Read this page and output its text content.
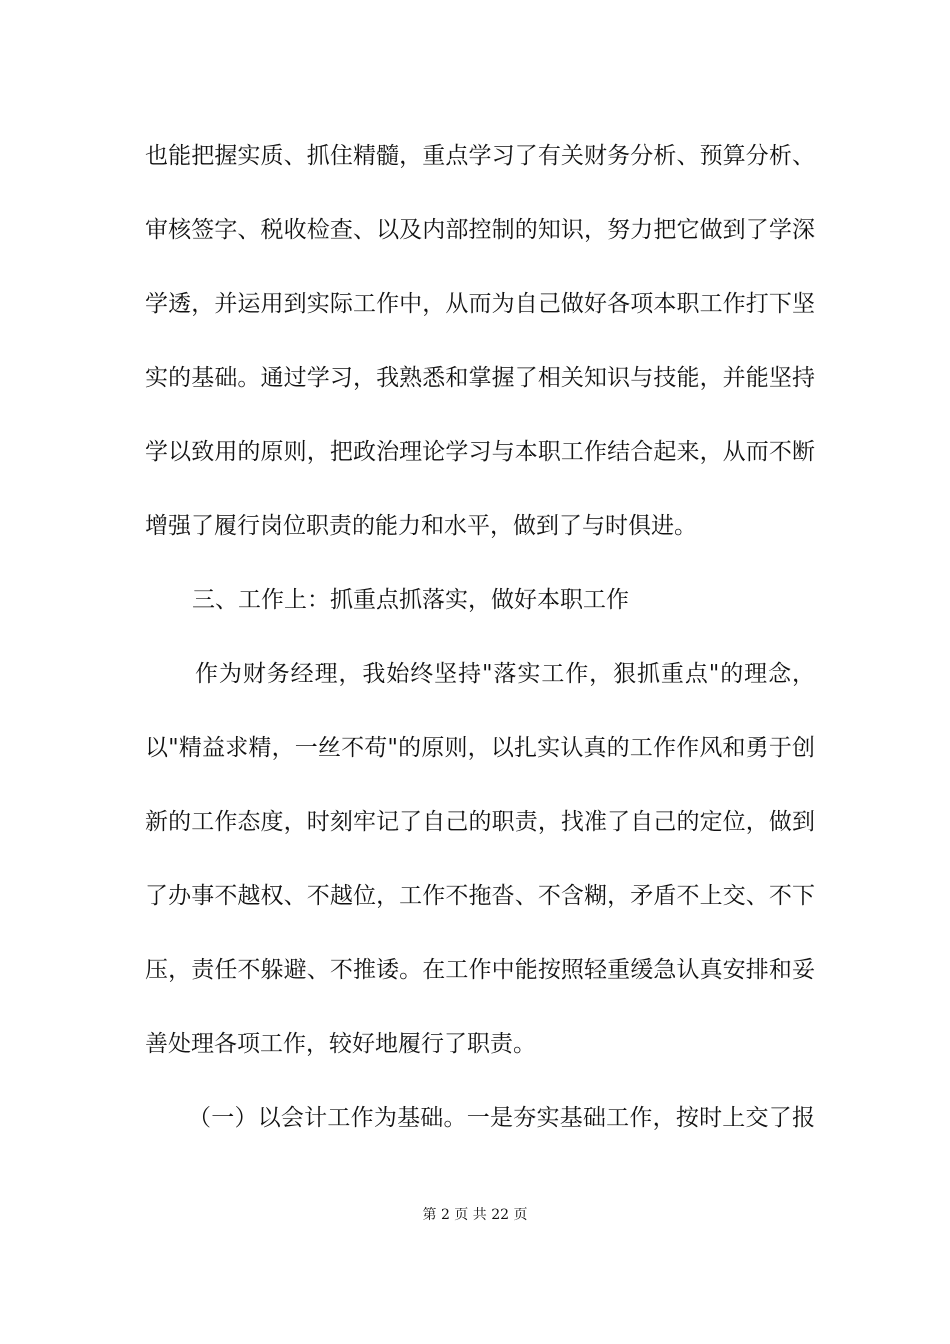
也能把握实质、抓住精髓，重点学习了有关财务分析、预算分析、
审核签字、税收检查、以及内部控制的知识，努力把它做到了学深
学透，并运用到实际工作中，从而为自己做好各项本职工作打下坚
实的基础。通过学习，我熟悉和掌握了相关知识与技能，并能坚持
学以致用的原则，把政治理论学习与本职工作结合起来，从而不断
增强了履行岗位职责的能力和水平，做到了与时俱进。
三、工作上：抓重点抓落实，做好本职工作
作为财务经理，我始终坚持"落实工作，狠抓重点"的理念，
以"精益求精，一丝不苟"的原则，以扎实认真的工作作风和勇于创
新的工作态度，时刻牢记了自己的职责，找准了自己的定位，做到
了办事不越权、不越位，工作不拖沓、不含糊，矛盾不上交、不下
压，责任不躲避、不推诿。在工作中能按照轻重缓急认真安排和妥
善处理各项工作，较好地履行了职责。
（一）以会计工作为基础。一是夯实基础工作，按时上交了报
第 2 页 共 22 页
